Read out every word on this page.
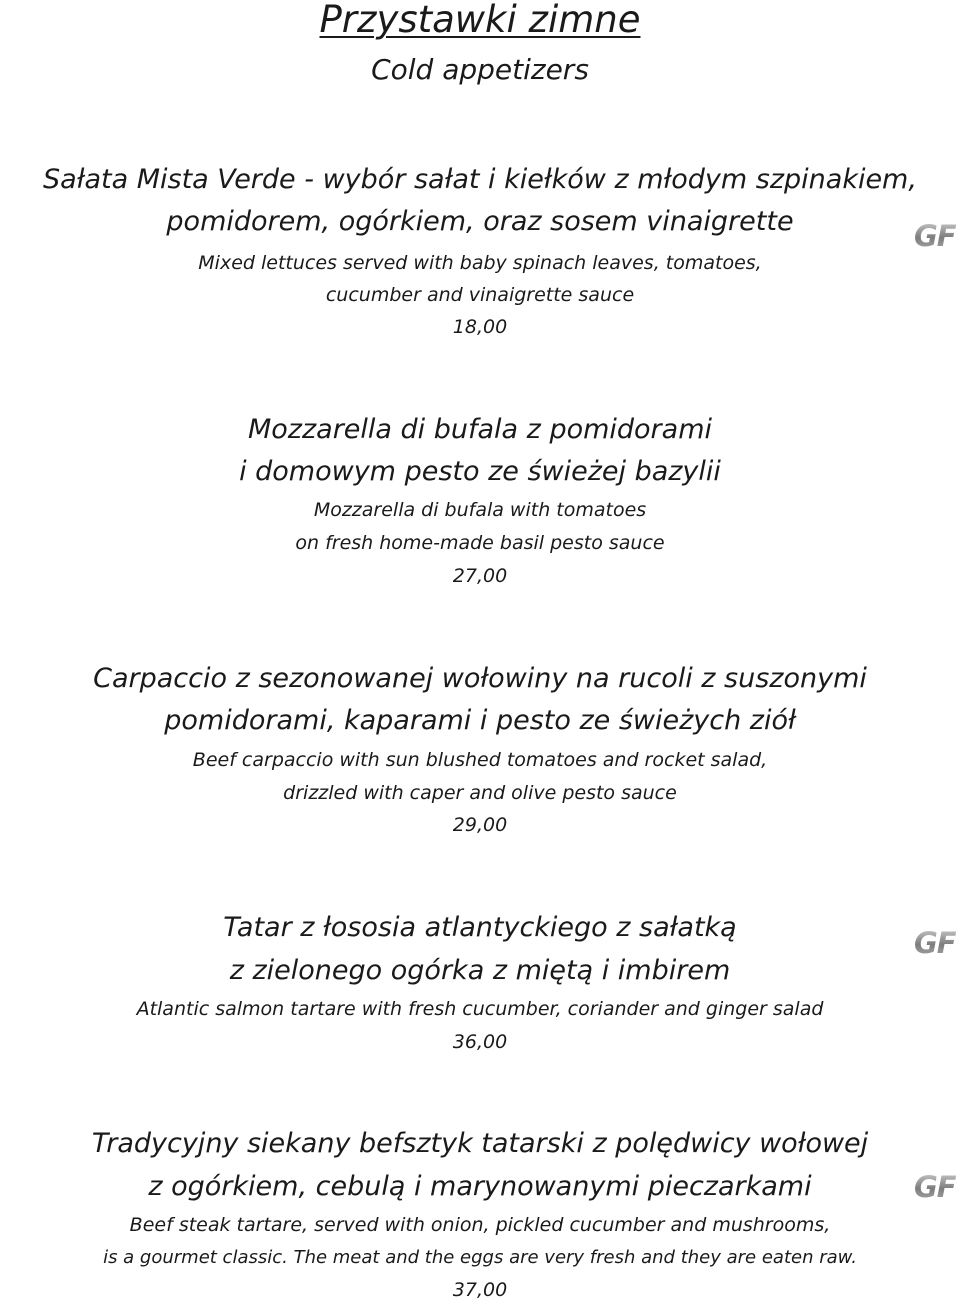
Przystawki zimne
Cold appetizers
Sałata Mista Verde - wybór sałat i kiełków z młodym szpinakiem,
pomidorem, ogórkiem, oraz sosem vinaigrette
Mixed lettuces served with baby spinach leaves, tomatoes,
cucumber and vinaigrette sauce
18,00
GF
Mozzarella di bufala z pomidorami
i domowym pesto ze świeżej bazylii
Mozzarella di bufala with tomatoes
on fresh home-made basil pesto sauce
27,00
Carpaccio z sezonowanej wołowiny na rucoli z suszonymi
pomidorami, kaparami i pesto ze świeżych ziół
Beef carpaccio with sun blushed tomatoes and rocket salad,
drizzled with caper and olive pesto sauce
29,00
Tatar z łososia atlantyckiego z sałatką
z zielonego ogórka z miętą i imbirem
Atlantic salmon tartare with fresh cucumber, coriander and ginger salad
36,00
GF
Tradycyjny siekany befsztyk tatarski z polędwicy wołowej
z ogórkiem, cebulą i marynowanymi pieczarkami
Beef steak tartare, served with onion, pickled cucumber and mushrooms,
is a gourmet classic. The meat and the eggs are very fresh and they are eaten raw.
37,00
GF
